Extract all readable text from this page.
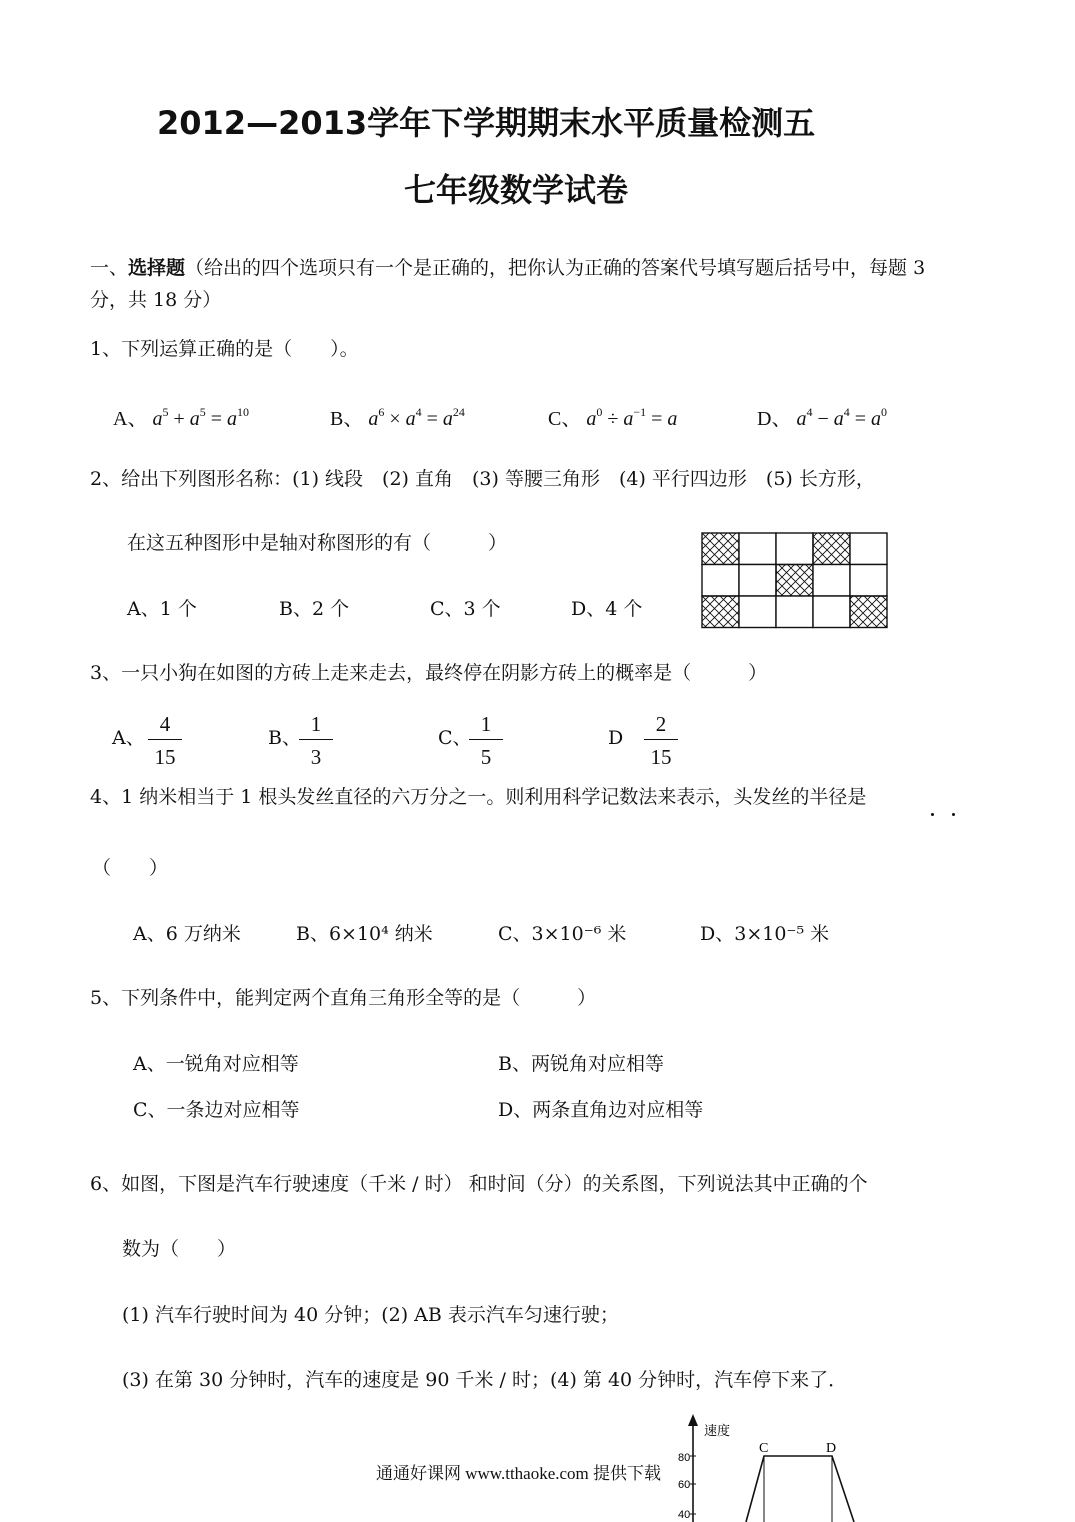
2012—2013学年下学期期末水平质量检测五
七年级数学试卷
一、选择题（给出的四个选项只有一个是正确的，把你认为正确的答案代号填写题后括号中，每题 3
分，共 18 分）
1、下列运算正确的是（　　）。
A、 $a^5 + a^5 = a^{10}$	B、 $a^6 \times a^4 = a^{24}$	C、 $a^0 \div a^{-1} = a$	D、 $a^4 - a^4 = a^0$
2、给出下列图形名称：(1) 线段　(2) 直角　(3) 等腰三角形　(4) 平行四边形　(5) 长方形，
在这五种图形中是轴对称图形的有（　　　）
A、1 个	B、2 个	C、3 个	D、4 个
3、一只小狗在如图的方砖上走来走去，最终停在阴影方砖上的概率是（　　　）
A、
4
15
B、
1
3
C、
1
5
D
2
15
4、1 纳米相当于 1 根头发丝直径的六万分之一。则利用科学记数法来表示，头发丝的半径是
（　　）
A、6 万纳米	B、6×10⁴ 纳米	C、3×10⁻⁶ 米	D、3×10⁻⁵ 米
5、下列条件中，能判定两个直角三角形全等的是（　　　）
A、一锐角对应相等	B、两锐角对应相等
C、一条边对应相等	D、两条直角边对应相等
6、如图，下图是汽车行驶速度（千米 / 时） 和时间（分）的关系图，下列说法其中正确的个
数为（　　）
(1) 汽车行驶时间为 40 分钟；(2) AB 表示汽车匀速行驶；
(3) 在第 30 分钟时，汽车的速度是 90 千米 / 时；(4) 第 40 分钟时，汽车停下来了．
速度
80
60
40
C	D
通通好课网 www.tthaoke.com 提供下载
